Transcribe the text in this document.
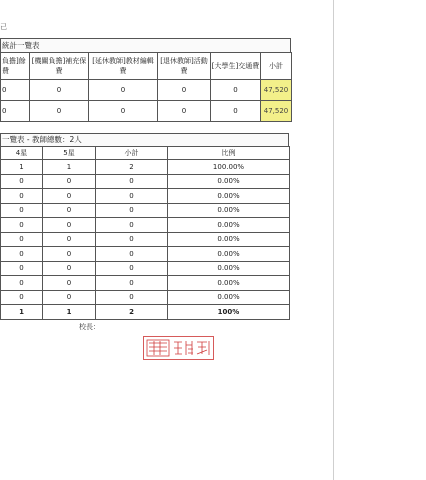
己
統計一覽表
負擔]餘費	[機關負擔]補充保費	[延休教師]教材編輯費	[退休教師]活動費	[大學生]交通費	小計
0	0	0	0	0	47,520
0	0	0	0	0	47,520
一覽表 - 教師總數：2人
4星	5星	小計	比例
1	1	2	100.00%
0	0	0	0.00%
0	0	0	0.00%
0	0	0	0.00%
0	0	0	0.00%
0	0	0	0.00%
0	0	0	0.00%
0	0	0	0.00%
0	0	0	0.00%
0	0	0	0.00%
1	1	2	100%
校長：
